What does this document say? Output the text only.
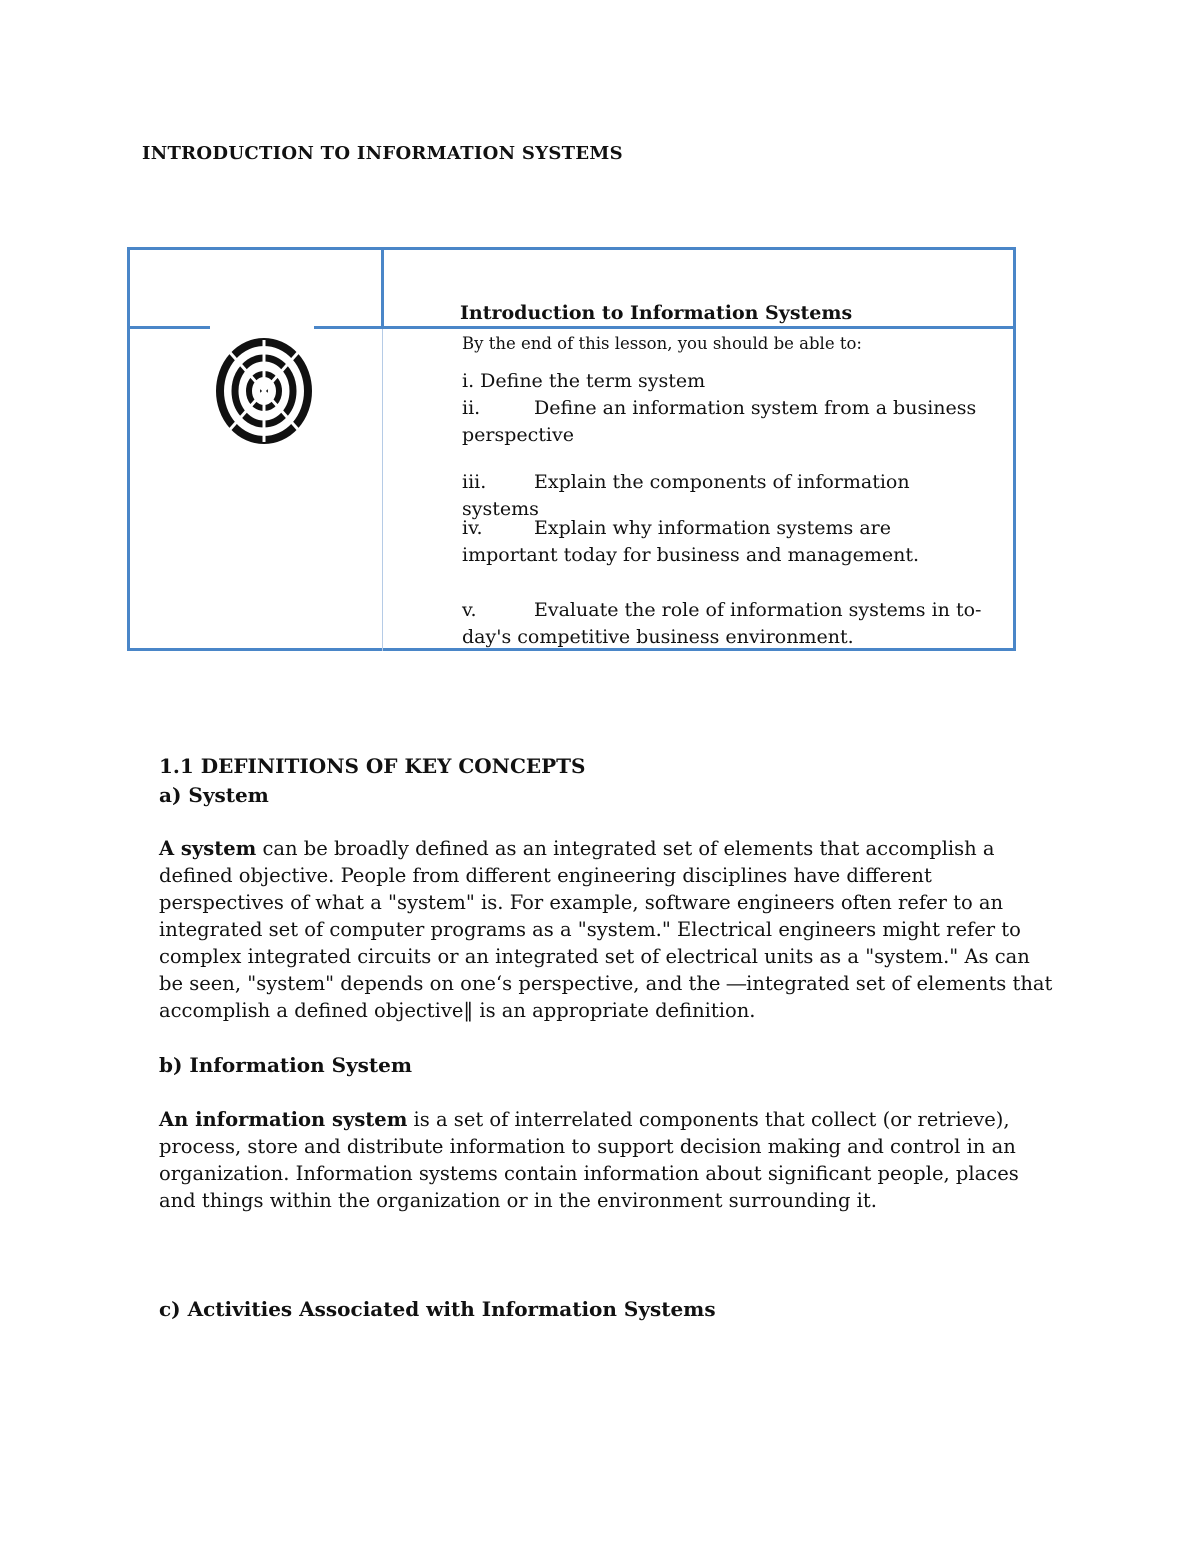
INTRODUCTION TO INFORMATION SYSTEMS
Introduction to Information Systems
By the end of this lesson, you should be able to:
i. Define the term system
ii.	Define an information system from a business perspective
iii.	Explain the components of information systems
iv.	Explain why information systems are important today for business and management.
v.	Evaluate the role of information systems in to-day's competitive business environment.
1.1 DEFINITIONS OF KEY CONCEPTS
a) System
A system can be broadly defined as an integrated set of elements that accomplish a defined objective. People from different engineering disciplines have different perspectives of what a "system" is. For example, software engineers often refer to an integrated set of computer programs as a "system." Electrical engineers might refer to complex integrated circuits or an integrated set of electrical units as a "system." As can be seen, "system" depends on one‘s perspective, and the ―integrated set of elements that accomplish a defined objective‖ is an appropriate definition.
b) Information System
An information system is a set of interrelated components that collect (or retrieve), process, store and distribute information to support decision making and control in an organization. Information systems contain information about significant people, places and things within the organization or in the environment surrounding it.
c) Activities Associated with Information Systems
